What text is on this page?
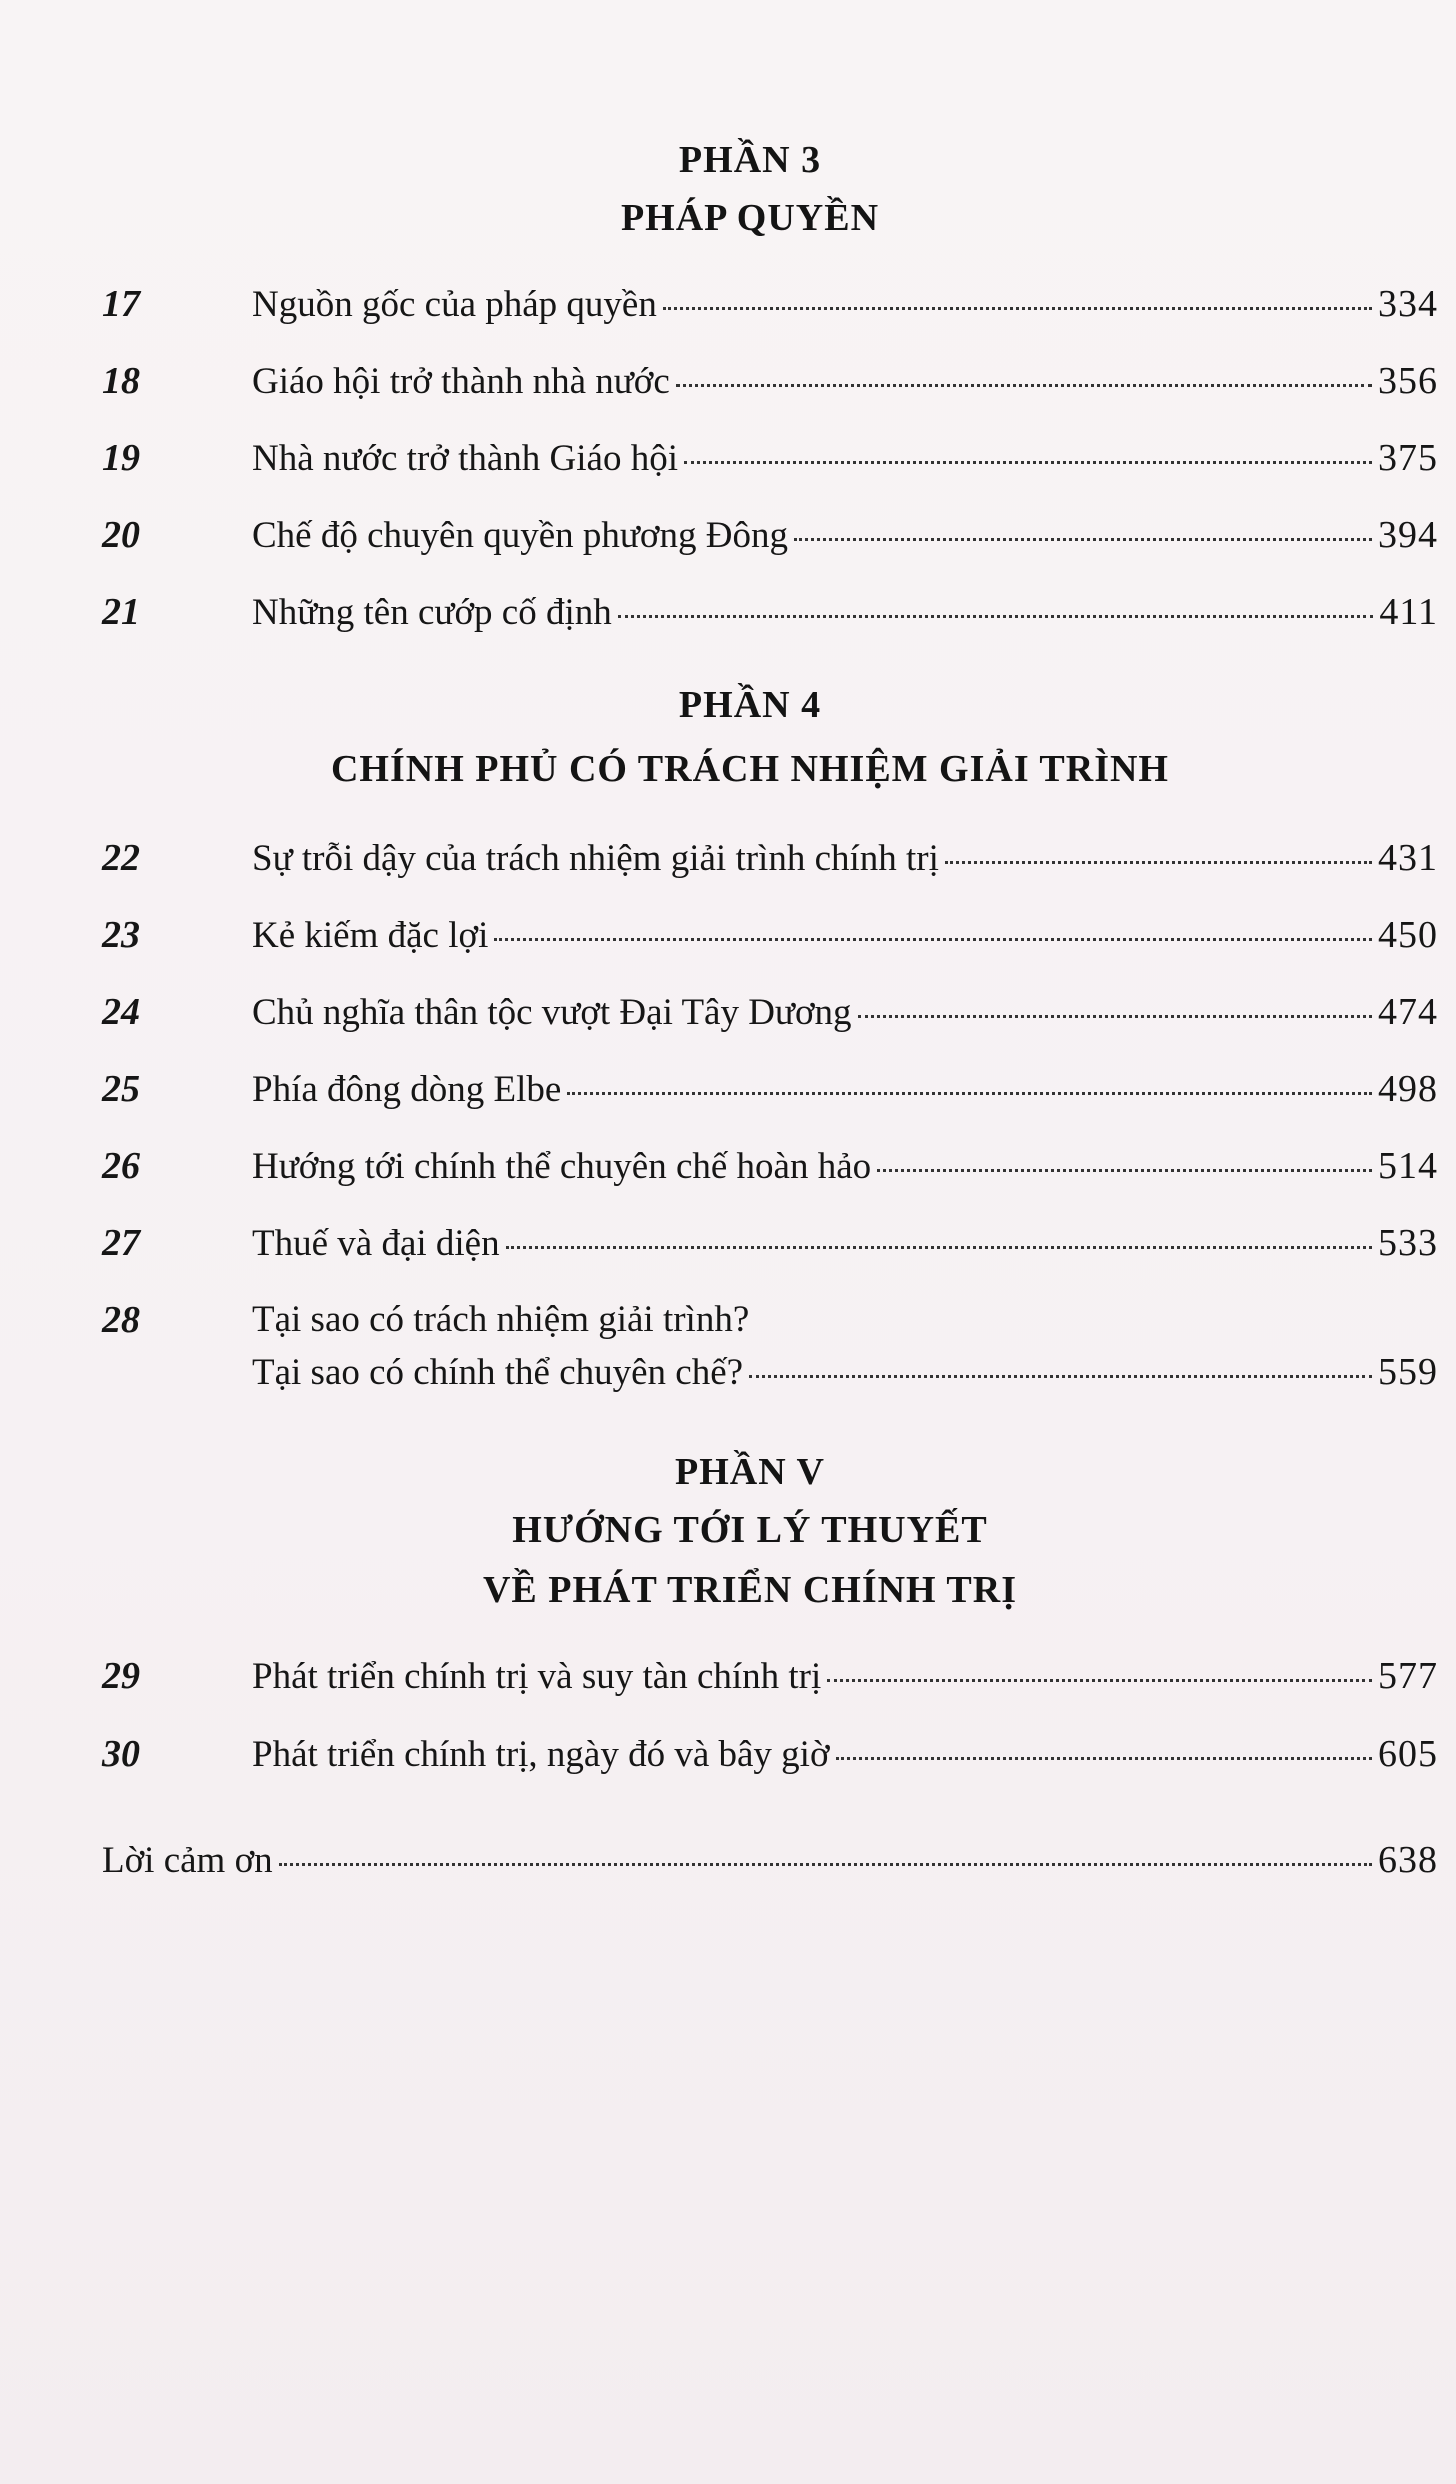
PHẦN 3
PHÁP QUYỀN
17	Nguồn gốc của pháp quyền	334
18	Giáo hội trở thành nhà nước	356
19	Nhà nước trở thành Giáo hội	375
20	Chế độ chuyên quyền phương Đông	394
21	Những tên cướp cố định	411
PHẦN 4
CHÍNH PHỦ CÓ TRÁCH NHIỆM GIẢI TRÌNH
22	Sự trỗi dậy của trách nhiệm giải trình chính trị	431
23	Kẻ kiếm đặc lợi	450
24	Chủ nghĩa thân tộc vượt Đại Tây Dương	474
25	Phía đông dòng Elbe	498
26	Hướng tới chính thể chuyên chế hoàn hảo	514
27	Thuế và đại diện	533
28	Tại sao có trách nhiệm giải trình?
Tại sao có chính thể chuyên chế?	559
PHẦN V
HƯỚNG TỚI LÝ THUYẾT
VỀ PHÁT TRIỂN CHÍNH TRỊ
29	Phát triển chính trị và suy tàn chính trị	577
30	Phát triển chính trị, ngày đó và bây giờ	605
Lời cảm ơn	638
